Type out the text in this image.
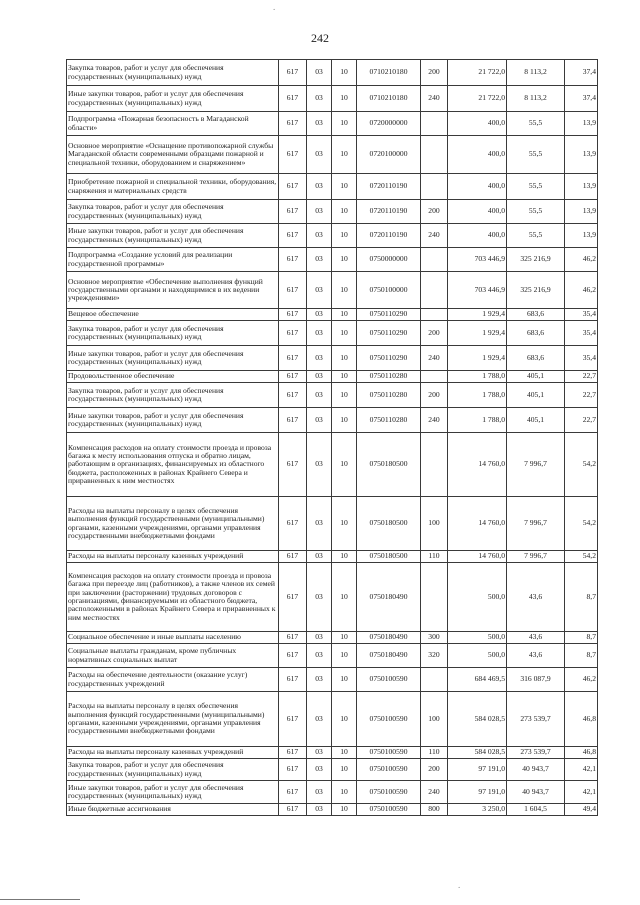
242
.
.
Закупка товаров, работ и услуг для обеспечения государственных (муниципальных) нужд	617	03	10	0710210180	200	21 722,0	8 113,2	37,4
Иные закупки товаров, работ и услуг для обеспечения государственных (муниципальных) нужд	617	03	10	0710210180	240	21 722,0	8 113,2	37,4
Подпрограмма «Пожарная безопасность в Магаданской области»	617	03	10	0720000000		400,0	55,5	13,9
Основное мероприятие «Оснащение противопожарной службы Магаданской области современными образцами пожарной и специальной техники, оборудованием и снаряжением»	617	03	10	0720100000		400,0	55,5	13,9
Приобретение пожарной и специальной техники, оборудования, снаряжения и материальных средств	617	03	10	0720110190		400,0	55,5	13,9
Закупка товаров, работ и услуг для обеспечения государственных (муниципальных) нужд	617	03	10	0720110190	200	400,0	55,5	13,9
Иные закупки товаров, работ и услуг для обеспечения государственных (муниципальных) нужд	617	03	10	0720110190	240	400,0	55,5	13,9
Подпрограмма «Создание условий для реализации государственной программы»	617	03	10	0750000000		703 446,9	325 216,9	46,2
Основное мероприятие «Обеспечение выполнения функций государственными органами и находящимися в их ведении учреждениями»	617	03	10	0750100000		703 446,9	325 216,9	46,2
Вещевое обеспечение	617	03	10	0750110290		1 929,4	683,6	35,4
Закупка товаров, работ и услуг для обеспечения государственных (муниципальных) нужд	617	03	10	0750110290	200	1 929,4	683,6	35,4
Иные закупки товаров, работ и услуг для обеспечения государственных (муниципальных) нужд	617	03	10	0750110290	240	1 929,4	683,6	35,4
Продовольственное обеспечение	617	03	10	0750110280		1 788,0	405,1	22,7
Закупка товаров, работ и услуг для обеспечения государственных (муниципальных) нужд	617	03	10	0750110280	200	1 788,0	405,1	22,7
Иные закупки товаров, работ и услуг для обеспечения государственных (муниципальных) нужд	617	03	10	0750110280	240	1 788,0	405,1	22,7
Компенсация расходов на оплату стоимости проезда и провоза багажа к месту использования отпуска и обратно лицам, работающим в организациях, финансируемых из областного бюджета, расположенных в районах Крайнего Севера и приравненных к ним местностях	617	03	10	0750180500		14 760,0	7 996,7	54,2
Расходы на выплаты персоналу в целях обеспечения выполнения функций государственными (муниципальными) органами, казенными учреждениями, органами управления государственными внебюджетными фондами	617	03	10	0750180500	100	14 760,0	7 996,7	54,2
Расходы на выплаты персоналу казенных учреждений	617	03	10	0750180500	110	14 760,0	7 996,7	54,2
Компенсация расходов на оплату стоимости проезда и провоза багажа при переезде лиц (работников), а также членов их семей при заключении (расторжении) трудовых договоров с организациями, финансируемыми из областного бюджета, расположенными в районах Крайнего Севера и приравненных к ним местностях	617	03	10	0750180490		500,0	43,6	8,7
Социальное обеспечение и иные выплаты населению	617	03	10	0750180490	300	500,0	43,6	8,7
Социальные выплаты гражданам, кроме публичных нормативных социальных выплат	617	03	10	0750180490	320	500,0	43,6	8,7
Расходы на обеспечение деятельности (оказание услуг) государственных учреждений	617	03	10	0750100590		684 469,5	316 087,9	46,2
Расходы на выплаты персоналу в целях обеспечения выполнения функций государственными (муниципальными) органами, казенными учреждениями, органами управления государственными внебюджетными фондами	617	03	10	0750100590	100	584 028,5	273 539,7	46,8
Расходы на выплаты персоналу казенных учреждений	617	03	10	0750100590	110	584 028,5	273 539,7	46,8
Закупка товаров, работ и услуг для обеспечения государственных (муниципальных) нужд	617	03	10	0750100590	200	97 191,0	40 943,7	42,1
Иные закупки товаров, работ и услуг для обеспечения государственных (муниципальных) нужд	617	03	10	0750100590	240	97 191,0	40 943,7	42,1
Иные бюджетные ассигнования	617	03	10	0750100590	800	3 250,0	1 604,5	49,4
